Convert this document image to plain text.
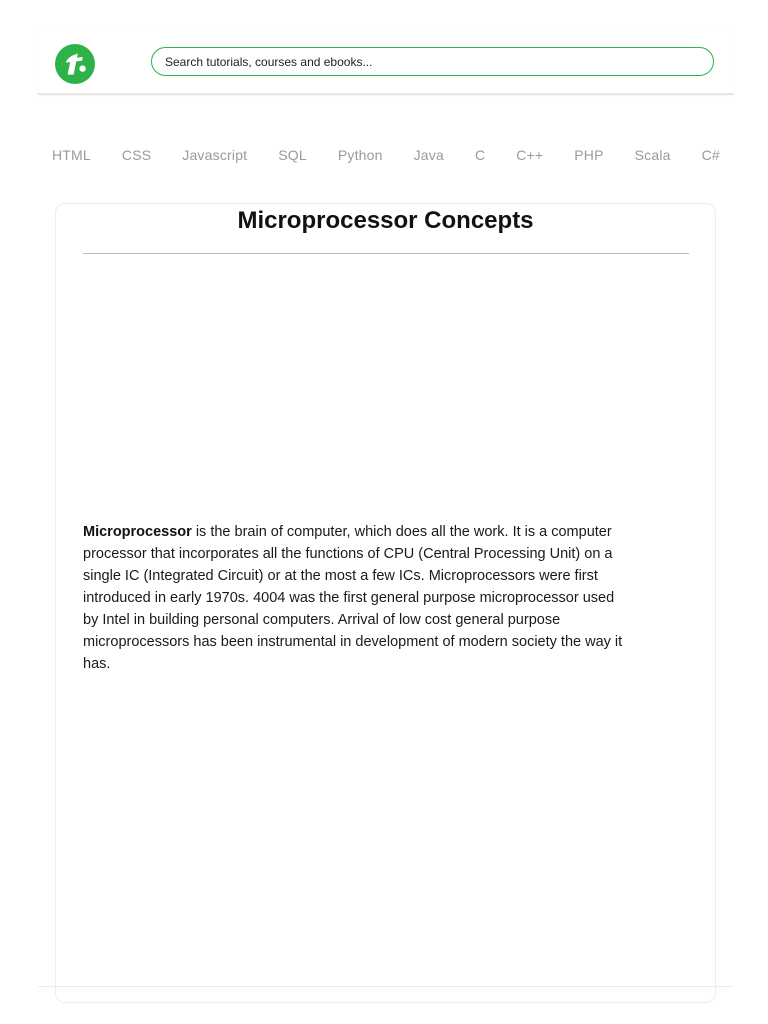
Search tutorials, courses and ebooks...
HTML CSS Javascript SQL Python Java C C++ PHP Scala C#
Microprocessor Concepts

Microprocessor is the brain of computer, which does all the work. It is a computer processor that incorporates all the functions of CPU (Central Processing Unit) on a single IC (Integrated Circuit) or at the most a few ICs. Microprocessors were first introduced in early 1970s. 4004 was the first general purpose microprocessor used by Intel in building personal computers. Arrival of low cost general purpose microprocessors has been instrumental in development of modern society the way it has.
